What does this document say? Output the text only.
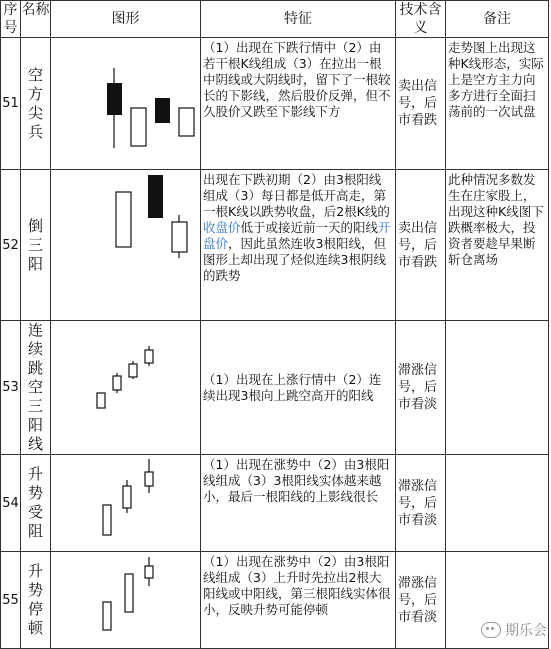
序号	名称	图形	特征	技术含义	备注
51	空方尖兵		（1）出现在下跌行情中（2）由若干根K线组成（3）在拉出一根中阴线或大阴线时，留下了一根较长的下影线，然后股价反弹，但不久股价又跌至下影线下方	卖出信号，后市看跌	走势图上出现这种K线形态，实际上是空方主力向多方进行全面扫荡前的一次试盘
52	倒三阳		出现在下跌初期（2）由3根阳线组成（3）每日都是低开高走，第一根K线以跌势收盘，后2根K线的收盘价低于或接近前一天的阳线开盘价，因此虽然连收3根阳线，但图形上却出现了烃似连续3根阴线的跌势	卖出信号，后市看跌	此种情况多数发生在庄家股上，出现这种K线图下跌概率极大，投资者要趁早果断斩仓离场
53	连续跳空三阳线		（1）出现在上涨行情中（2）连续出现3根向上跳空高开的阳线	滞涨信号，后市看淡	
54	升势受阻		（1）出现在涨势中（2）由3根阳线组成（3）3根阳线实体越来越小，最后一根阳线的上影线很长	滞涨信号，后市看淡	
55	升势停顿		（1）出现在涨势中（2）由3根阳线组成（3）上升时先拉出2根大阳线或中阳线，第三根阳线实体很小，反映升势可能停顿	滞涨信号，后市看淡	
期乐会
